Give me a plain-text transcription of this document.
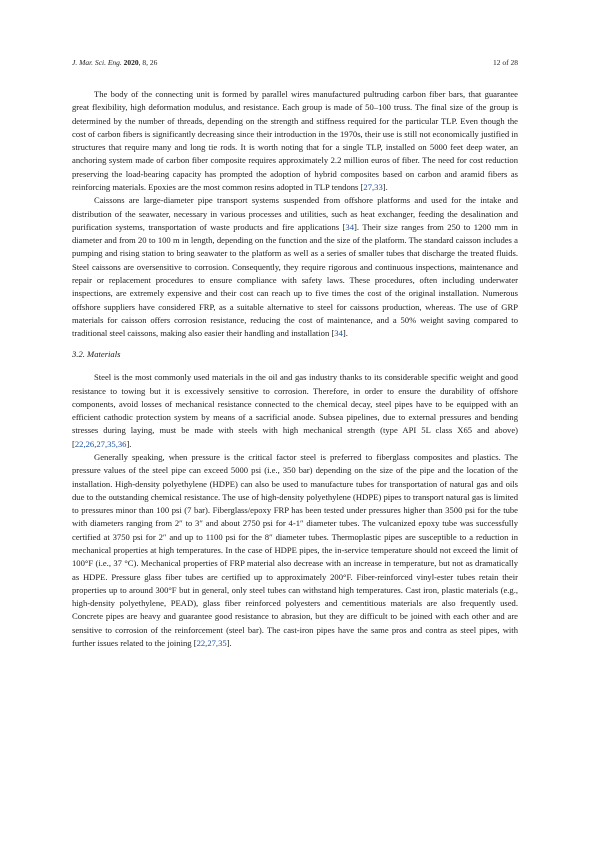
J. Mar. Sci. Eng. 2020, 8, 26	12 of 28

The body of the connecting unit is formed by parallel wires manufactured pultruding carbon fiber bars, that guarantee great flexibility, high deformation modulus, and resistance. Each group is made of 50–100 truss. The final size of the group is determined by the number of threads, depending on the strength and stiffness required for the particular TLP. Even though the cost of carbon fibers is significantly decreasing since their introduction in the 1970s, their use is still not economically justified in structures that require many and long tie rods. It is worth noting that for a single TLP, installed on 5000 feet deep water, an anchoring system made of carbon fiber composite requires approximately 2.2 million euros of fiber. The need for cost reduction preserving the load-bearing capacity has prompted the adoption of hybrid composites based on carbon and aramid fibers as reinforcing materials. Epoxies are the most common resins adopted in TLP tendons [27,33].

Caissons are large-diameter pipe transport systems suspended from offshore platforms and used for the intake and distribution of the seawater, necessary in various processes and utilities, such as heat exchanger, feeding the desalination and purification systems, transportation of waste products and fire applications [34]. Their size ranges from 250 to 1200 mm in diameter and from 20 to 100 m in length, depending on the function and the size of the platform. The standard caisson includes a pumping and rising station to bring seawater to the platform as well as a series of smaller tubes that discharge the treated fluids. Steel caissons are oversensitive to corrosion. Consequently, they require rigorous and continuous inspections, maintenance and repair or replacement procedures to ensure compliance with safety laws. These procedures, often including underwater inspections, are extremely expensive and their cost can reach up to five times the cost of the original installation. Numerous offshore suppliers have considered FRP, as a suitable alternative to steel for caissons production, whereas. The use of GRP materials for caisson offers corrosion resistance, reducing the cost of maintenance, and a 50% weight saving compared to traditional steel caissons, making also easier their handling and installation [34].

3.2. Materials

Steel is the most commonly used materials in the oil and gas industry thanks to its considerable specific weight and good resistance to towing but it is excessively sensitive to corrosion. Therefore, in order to ensure the durability of offshore components, avoid losses of mechanical resistance connected to the chemical decay, steel pipes have to be equipped with an efficient cathodic protection system by means of a sacrificial anode. Subsea pipelines, due to external pressures and bending stresses during laying, must be made with steels with high mechanical strength (type API 5L class X65 and above) [22,26,27,35,36].

Generally speaking, when pressure is the critical factor steel is preferred to fiberglass composites and plastics. The pressure values of the steel pipe can exceed 5000 psi (i.e., 350 bar) depending on the size of the pipe and the location of the installation. High-density polyethylene (HDPE) can also be used to manufacture tubes for transportation of natural gas and oils due to the outstanding chemical resistance. The use of high-density polyethylene (HDPE) pipes to transport natural gas is limited to pressures minor than 100 psi (7 bar). Fiberglass/epoxy FRP has been tested under pressures higher than 3500 psi for the tube with diameters ranging from 2″ to 3″ and about 2750 psi for 4-1″ diameter tubes. The vulcanized epoxy tube was successfully certified at 3750 psi for 2″ and up to 1100 psi for the 8″ diameter tubes. Thermoplastic pipes are susceptible to a reduction in mechanical properties at high temperatures. In the case of HDPE pipes, the in-service temperature should not exceed the limit of 100°F (i.e., 37 °C). Mechanical properties of FRP material also decrease with an increase in temperature, but not as dramatically as HDPE. Pressure glass fiber tubes are certified up to approximately 200°F. Fiber-reinforced vinyl-ester tubes retain their properties up to around 300°F but in general, only steel tubes can withstand high temperatures. Cast iron, plastic materials (e.g., high-density polyethylene, PEAD), glass fiber reinforced polyesters and cementitious materials are also frequently used. Concrete pipes are heavy and guarantee good resistance to abrasion, but they are difficult to be joined with each other and are sensitive to corrosion of the reinforcement (steel bar). The cast-iron pipes have the same pros and contra as steel pipes, with further issues related to the joining [22,27,35].
